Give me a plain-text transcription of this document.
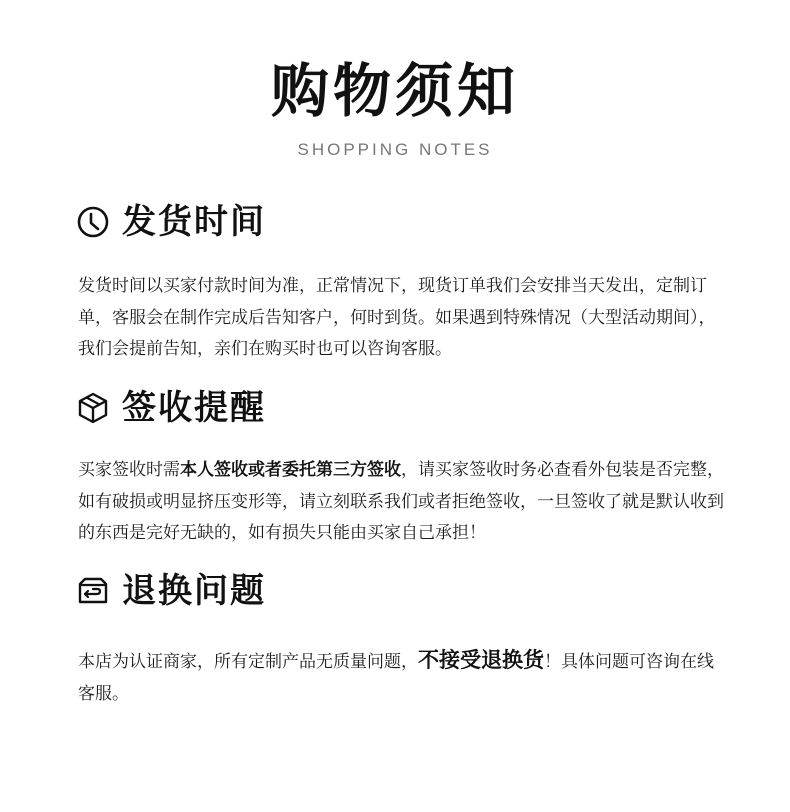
购物须知
SHOPPING NOTES
发货时间
发货时间以买家付款时间为准，正常情况下，现货订单我们会安排当天发出，定制订单，客服会在制作完成后告知客户，何时到货。如果遇到特殊情况（大型活动期间），我们会提前告知，亲们在购买时也可以咨询客服。
签收提醒
买家签收时需本人签收或者委托第三方签收，请买家签收时务必查看外包装是否完整，如有破损或明显挤压变形等，请立刻联系我们或者拒绝签收，一旦签收了就是默认收到的东西是完好无缺的，如有损失只能由买家自己承担！
退换问题
本店为认证商家，所有定制产品无质量问题，不接受退换货！具体问题可咨询在线客服。
